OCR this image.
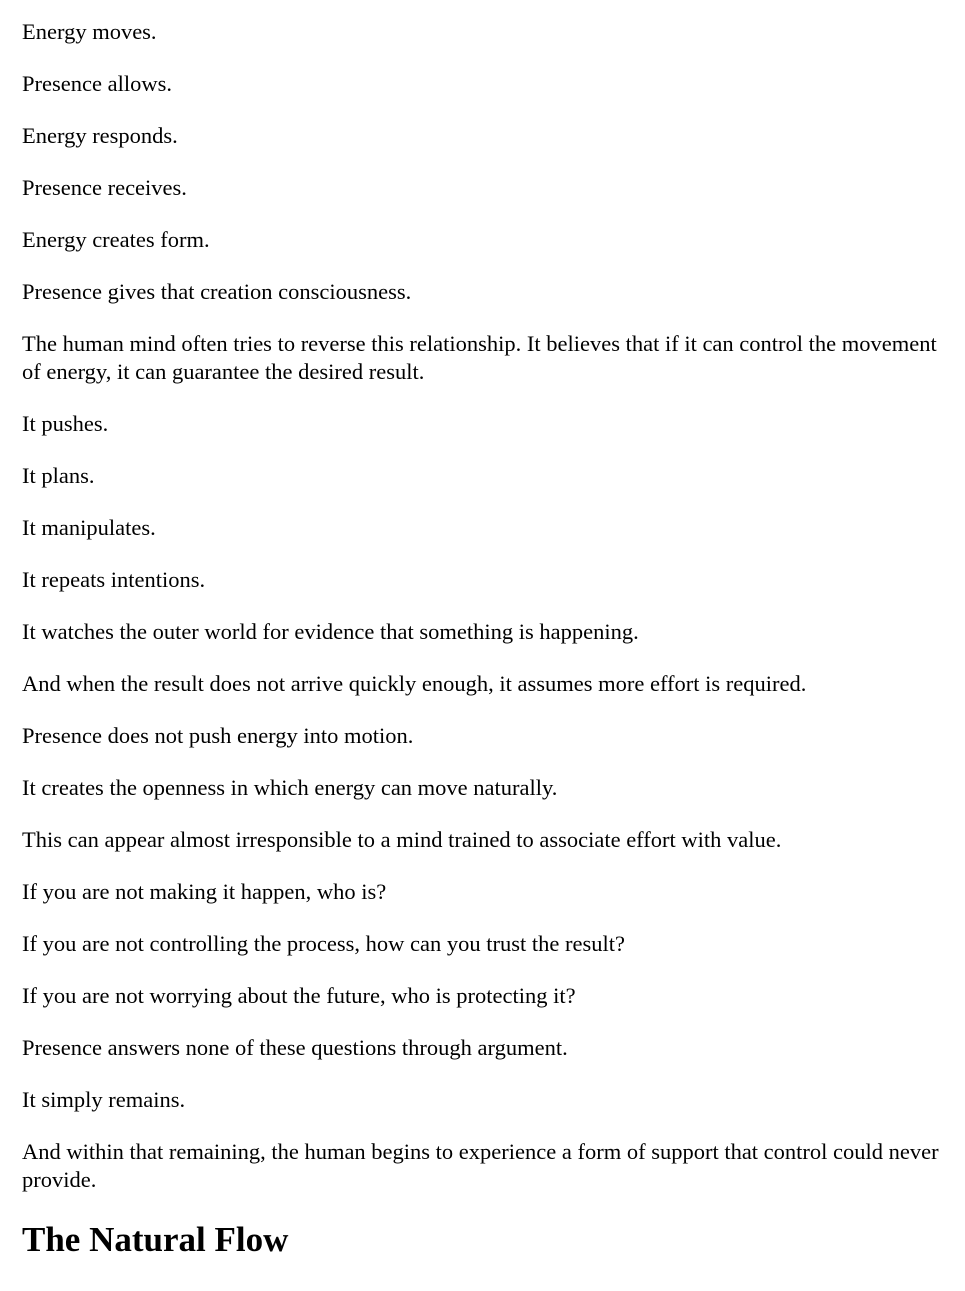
Energy moves.

Presence allows.

Energy responds.

Presence receives.

Energy creates form.

Presence gives that creation consciousness.

The human mind often tries to reverse this relationship. It believes that if it can control the movement of energy, it can guarantee the desired result.

It pushes.

It plans.

It manipulates.

It repeats intentions.

It watches the outer world for evidence that something is happening.

And when the result does not arrive quickly enough, it assumes more effort is required.

Presence does not push energy into motion.

It creates the openness in which energy can move naturally.

This can appear almost irresponsible to a mind trained to associate effort with value.

If you are not making it happen, who is?

If you are not controlling the process, how can you trust the result?

If you are not worrying about the future, who is protecting it?

Presence answers none of these questions through argument.

It simply remains.

And within that remaining, the human begins to experience a form of support that control could never provide.

The Natural Flow
